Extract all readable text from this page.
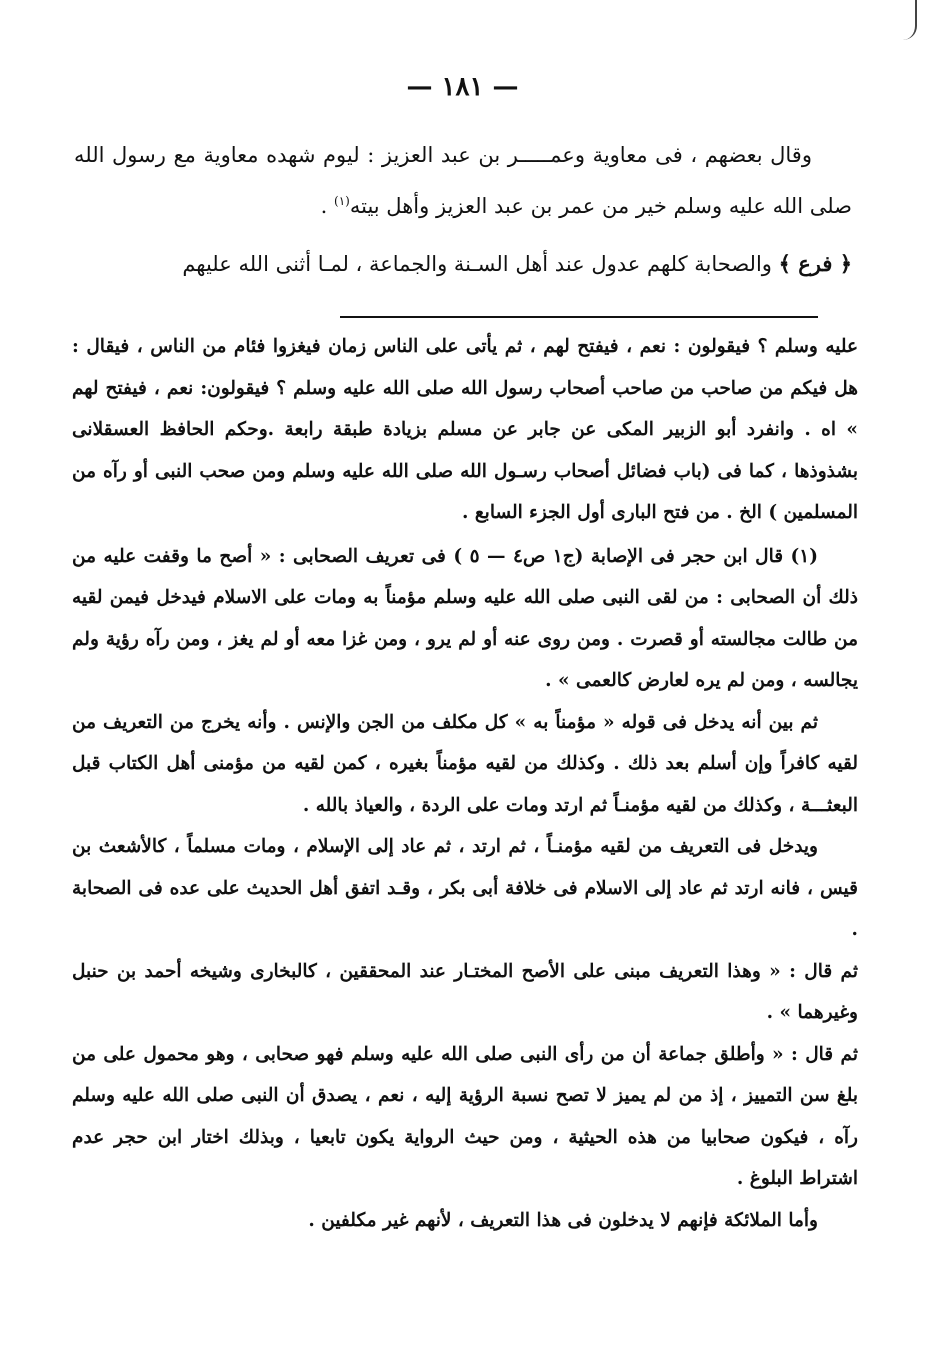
— ١٨١ —

وقال بعضهم ، فى معاوية وعمـــــر بن عبد العزيز : ليوم شهده معاوية مع رسول الله صلى الله عليه وسلم خير من عمر بن عبد العزيز وأهل بيته$^{(١)}$ .

﴿ فرع ﴾ والصحابة كلهم عدول عند أهل السـنة والجماعة ، لمـا أثنى الله عليهم

عليه وسلم ؟ فيقولون : نعم ، فيفتح لهم ، ثم يأتى على الناس زمان فيغزوا فئام من الناس ، فيقال : هل فيكم من صاحب من صاحب أصحاب رسول الله صلى الله عليه وسلم ؟ فيقولون: نعم ، فيفتح لهم » اه . وانفرد أبو الزبير المكى عن جابر عن مسلم بزيادة طبقة رابعة .وحكم الحافظ العسقلانى بشذوذها ، كما فى (باب فضائل أصحاب رسـول الله صلى الله عليه وسلم ومن صحب النبى أو رآه من المسلمين ) الخ . من فتح البارى أول الجزء السابع .

(١) قال ابن حجر فى الإصابة (ج١ ص٤ — ٥ ) فى تعريف الصحابى : « أصح ما وقفت عليه من ذلك أن الصحابى : من لقى النبى صلى الله عليه وسلم مؤمناً به ومات على الاسلام فيدخل فيمن لقيه من طالت مجالسته أو قصرت . ومن روى عنه أو لم يرو ، ومن غزا معه أو لم يغز ، ومن رآه رؤية ولم يجالسه ، ومن لم يره لعارض كالعمى » .

ثم بين أنه يدخل فى قوله « مؤمناً به » كل مكلف من الجن والإنس . وأنه يخرج من التعريف من لقيه كافراً وإن أسلم بعد ذلك . وكذلك من لقيه مؤمناً بغيره ، كمن لقيه من مؤمنى أهل الكتاب قبل البعثـــة ، وكذلك من لقيه مؤمنـاً ثم ارتد ومات على الردة ، والعياذ بالله .

ويدخل فى التعريف من لقيه مؤمنـاً ، ثم ارتد ، ثم عاد إلى الإسلام ، ومات مسلماً ، كالأشعث بن قيس ، فانه ارتد ثم عاد إلى الاسلام فى خلافة أبى بكر ، وقـد اتفق أهل الحديث على عده فى الصحابة .

ثم قال : « وهذا التعريف مبنى على الأصح المختـار عند المحققين ، كالبخارى وشيخه أحمد بن حنبل وغيرهما » .

ثم قال : « وأطلق جماعة أن من رأى النبى صلى الله عليه وسلم فهو صحابى ، وهو محمول على من بلغ سن التمييز ، إذ من لم يميز لا تصح نسبة الرؤية إليه ، نعم ، يصدق أن النبى صلى الله عليه وسلم رآه ، فيكون صحابيا من هذه الحيثية ، ومن حيث الرواية يكون تابعيا ، وبذلك اختار ابن حجر عدم اشتراط البلوغ .

وأما الملائكة فإنهم لا يدخلون فى هذا التعريف ، لأنهم غير مكلفين .
